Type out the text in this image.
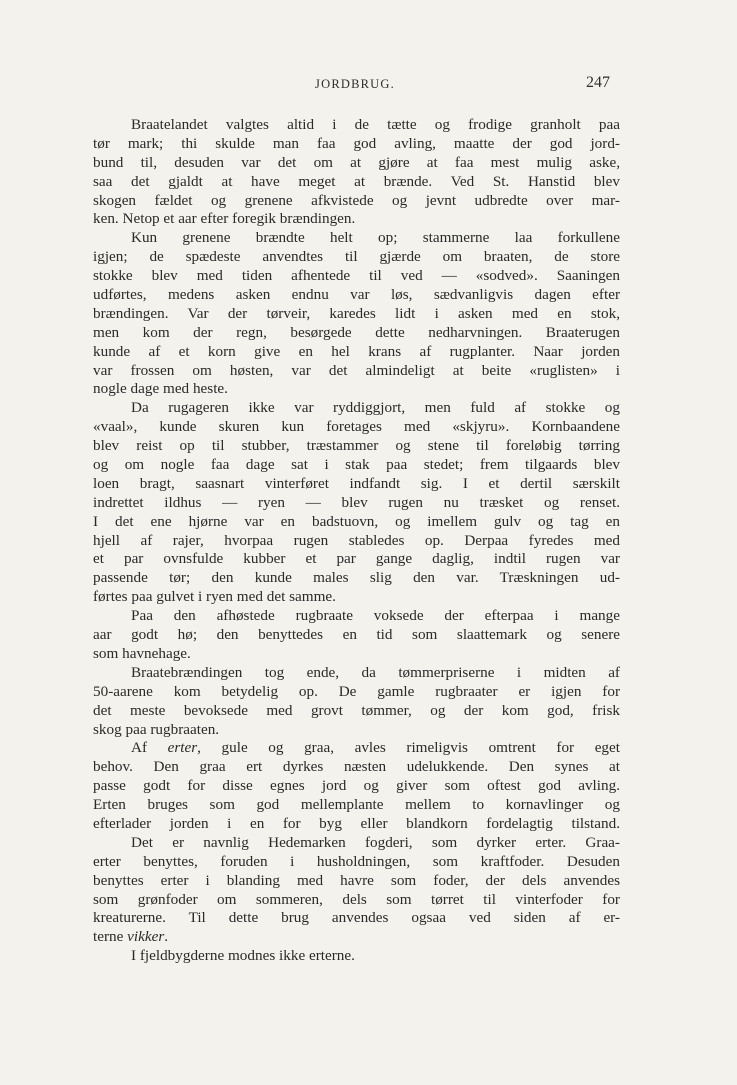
JORDBRUG.	247
Braatelandet valgtes altid i de tætte og frodige granholt paa
tør mark; thi skulde man faa god avling, maatte der god jord-
bund til, desuden var det om at gjøre at faa mest mulig aske,
saa det gjaldt at have meget at brænde. Ved St. Hanstid blev
skogen fældet og grenene afkvistede og jevnt udbredte over mar-
ken. Netop et aar efter foregik brændingen.
Kun grenene brændte helt op; stammerne laa forkullene
igjen; de spædeste anvendtes til gjærde om braaten, de store
stokke blev med tiden afhentede til ved — «sodved». Saaningen
udførtes, medens asken endnu var løs, sædvanligvis dagen efter
brændingen. Var der tørveir, karedes lidt i asken med en stok,
men kom der regn, besørgede dette nedharvningen. Braaterugen
kunde af et korn give en hel krans af rugplanter. Naar jorden
var frossen om høsten, var det almindeligt at beite «ruglisten» i
nogle dage med heste.
Da rugageren ikke var ryddiggjort, men fuld af stokke og
«vaal», kunde skuren kun foretages med «skjyru». Kornbaandene
blev reist op til stubber, træstammer og stene til foreløbig tørring
og om nogle faa dage sat i stak paa stedet; frem tilgaards blev
loen bragt, saasnart vinterføret indfandt sig. I et dertil særskilt
indrettet ildhus — ryen — blev rugen nu træsket og renset.
I det ene hjørne var en badstuovn, og imellem gulv og tag en
hjell af rajer, hvorpaa rugen stabledes op. Derpaa fyredes med
et par ovnsfulde kubber et par gange daglig, indtil rugen var
passende tør; den kunde males slig den var. Træskningen ud-
førtes paa gulvet i ryen med det samme.
Paa den afhøstede rugbraate voksede der efterpaa i mange
aar godt hø; den benyttedes en tid som slaattemark og senere
som havnehage.
Braatebrændingen tog ende, da tømmerpriserne i midten af
50-aarene kom betydelig op. De gamle rugbraater er igjen for
det meste bevoksede med grovt tømmer, og der kom god, frisk
skog paa rugbraaten.
Af erter, gule og graa, avles rimeligvis omtrent for eget
behov. Den graa ert dyrkes næsten udelukkende. Den synes at
passe godt for disse egnes jord og giver som oftest god avling.
Erten bruges som god mellemplante mellem to kornavlinger og
efterlader jorden i en for byg eller blandkorn fordelagtig tilstand.
Det er navnlig Hedemarken fogderi, som dyrker erter. Graa-
erter benyttes, foruden i husholdningen, som kraftfoder. Desuden
benyttes erter i blanding med havre som foder, der dels anvendes
som grønfoder om sommeren, dels som tørret til vinterfoder for
kreaturerne. Til dette brug anvendes ogsaa ved siden af er-
terne vikker.
I fjeldbygderne modnes ikke erterne.
